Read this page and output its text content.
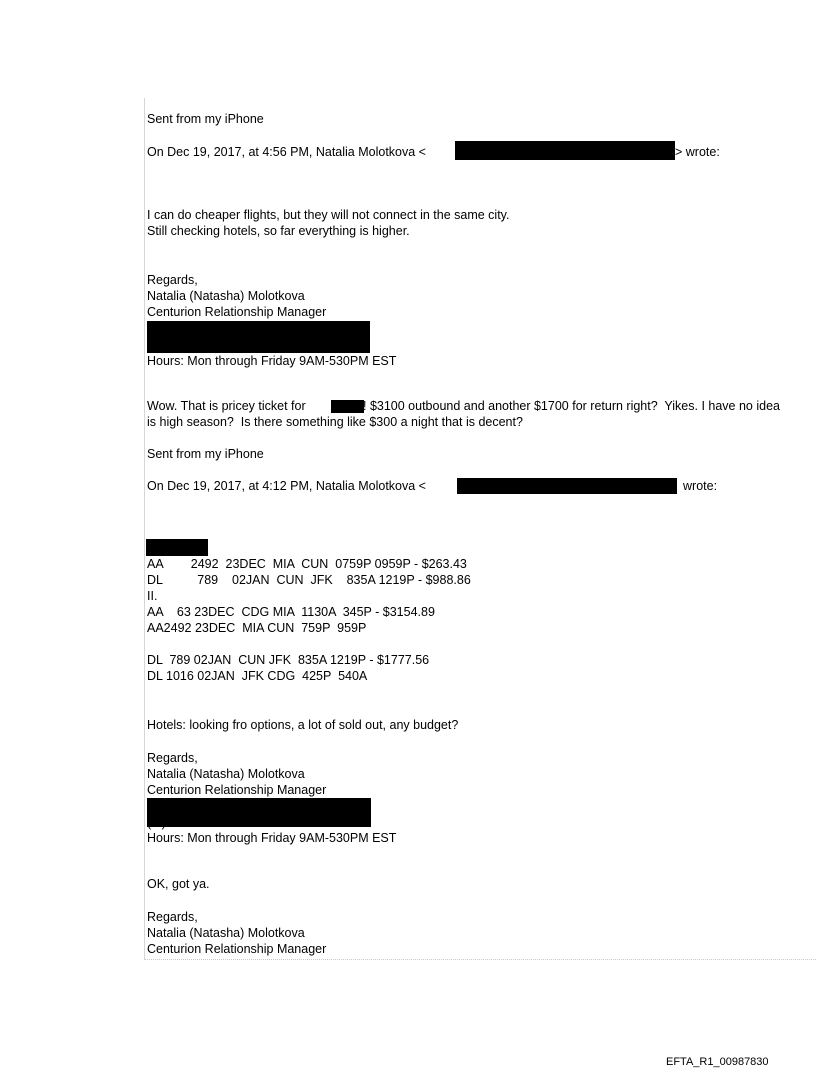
Sent from my iPhone
On Dec 19, 2017, at 4:56 PM, Natalia Molotkova <	> wrote:
I can do cheaper flights, but they will not connect in the same city.
Still checking hotels, so far everything is higher.
Regards,
Natalia (Natasha) Molotkova
Centurion Relationship Manager
Hours: Mon through Friday 9AM-530PM EST
Wow. That is pricey ticket for	! $3100 outbound and another $1700 for return right?  Yikes. I have no idea
is high season?  Is there something like $300 a night that is decent?
Sent from my iPhone
On Dec 19, 2017, at 4:12 PM, Natalia Molotkova <	wrote:
AA        2492  23DEC  MIA  CUN  0759P 0959P - $263.43
DL          789    02JAN  CUN  JFK    835A 1219P - $988.86
II.
AA    63 23DEC  CDG MIA  1130A  345P - $3154.89
AA2492 23DEC  MIA CUN  759P  959P
DL  789 02JAN  CUN JFK  835A 1219P - $1777.56
DL 1016 02JAN  JFK CDG  425P  540A
Hotels: looking fro options, a lot of sold out, any budget?
Regards,
Natalia (Natasha) Molotkova
Centurion Relationship Manager
Hours: Mon through Friday 9AM-530PM EST
OK, got ya.
Regards,
Natalia (Natasha) Molotkova
Centurion Relationship Manager
EFTA_R1_00987830
